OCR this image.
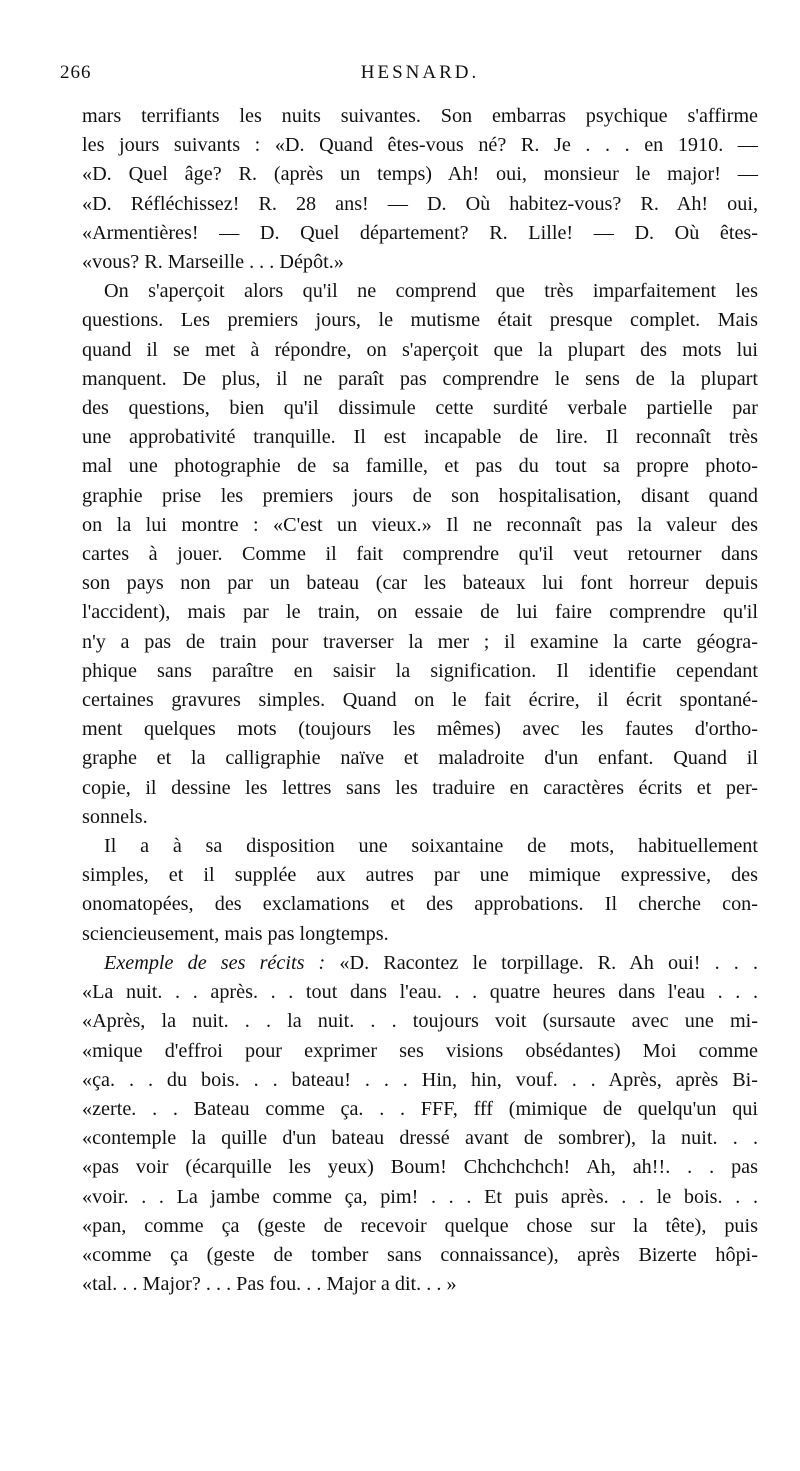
266	HESNARD.

mars terrifiants les nuits suivantes. Son embarras psychique s'affirme
les jours suivants : «D. Quand êtes-vous né? R. Je . . . en 1910. —
«D. Quel âge? R. (après un temps) Ah! oui, monsieur le major! —
«D. Réfléchissez! R. 28 ans! — D. Où habitez-vous? R. Ah! oui,
«Armentières! — D. Quel département? R. Lille! — D. Où êtes-
«vous? R. Marseille . . . Dépôt.»

On s'aperçoit alors qu'il ne comprend que très imparfaitement les
questions. Les premiers jours, le mutisme était presque complet. Mais
quand il se met à répondre, on s'aperçoit que la plupart des mots lui
manquent. De plus, il ne paraît pas comprendre le sens de la plupart
des questions, bien qu'il dissimule cette surdité verbale partielle par
une approbativité tranquille. Il est incapable de lire. Il reconnaît très
mal une photographie de sa famille, et pas du tout sa propre photo-
graphie prise les premiers jours de son hospitalisation, disant quand
on la lui montre : «C'est un vieux.» Il ne reconnaît pas la valeur des
cartes à jouer. Comme il fait comprendre qu'il veut retourner dans
son pays non par un bateau (car les bateaux lui font horreur depuis
l'accident), mais par le train, on essaie de lui faire comprendre qu'il
n'y a pas de train pour traverser la mer ; il examine la carte géogra-
phique sans paraître en saisir la signification. Il identifie cependant
certaines gravures simples. Quand on le fait écrire, il écrit spontané-
ment quelques mots (toujours les mêmes) avec les fautes d'ortho-
graphe et la calligraphie naïve et maladroite d'un enfant. Quand il
copie, il dessine les lettres sans les traduire en caractères écrits et per-
sonnels.

Il a à sa disposition une soixantaine de mots, habituellement
simples, et il supplée aux autres par une mimique expressive, des
onomatopées, des exclamations et des approbations. Il cherche con-
sciencieusement, mais pas longtemps.

Exemple de ses récits : «D. Racontez le torpillage. R. Ah oui! . . .
«La nuit. . . après. . . tout dans l'eau. . . quatre heures dans l'eau . . .
«Après, la nuit. . . la nuit. . . toujours voit (sursaute avec une mi-
«mique d'effroi pour exprimer ses visions obsédantes) Moi comme
«ça. . . du bois. . . bateau! . . . Hin, hin, vouf. . . Après, après Bi-
«zerte. . . Bateau comme ça. . . FFF, fff (mimique de quelqu'un qui
«contemple la quille d'un bateau dressé avant de sombrer), la nuit. . .
«pas voir (écarquille les yeux) Boum! Chchchchch! Ah, ah!!. . . pas
«voir. . . La jambe comme ça, pim! . . . Et puis après. . . le bois. . .
«pan, comme ça (geste de recevoir quelque chose sur la tête), puis
«comme ça (geste de tomber sans connaissance), après Bizerte hôpi-
«tal. . . Major? . . . Pas fou. . . Major a dit. . . »
